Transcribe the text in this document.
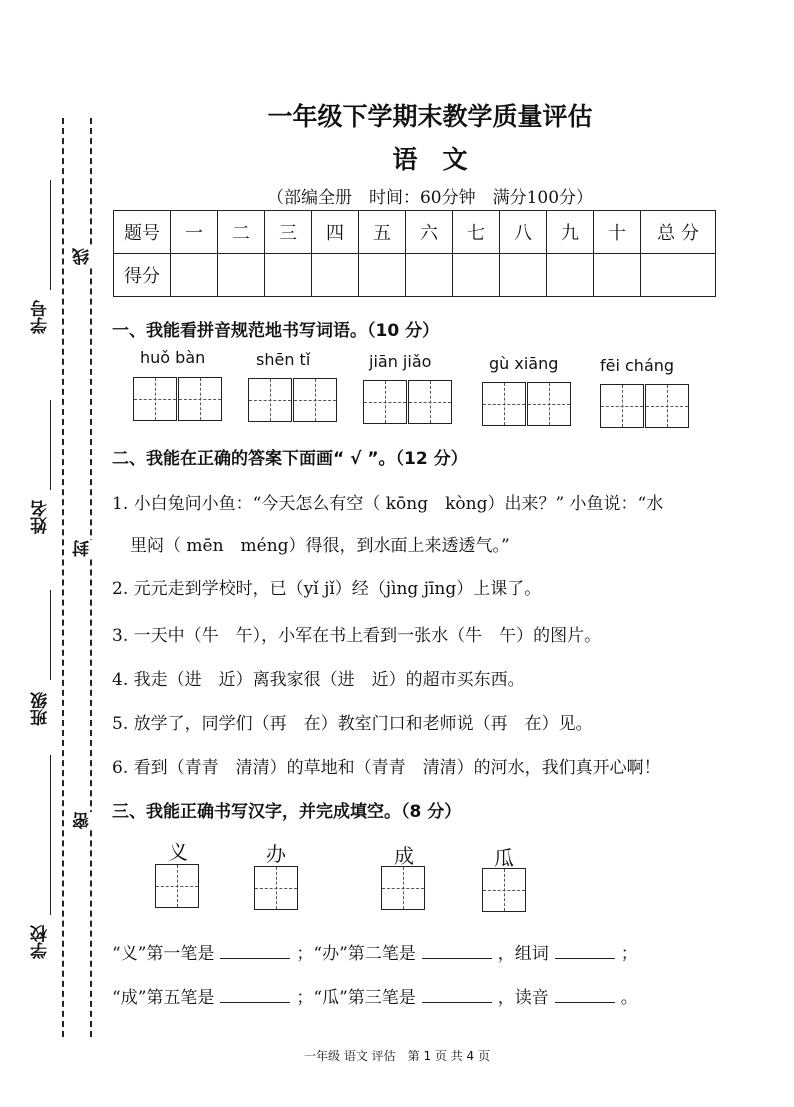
学号
姓名
班级
学校
线
封
密
一年级下学期末教学质量评估
语　文
（部编全册　时间：60分钟　满分100分）
题号	一	二	三	四	五	六	七	八	九	十	总 分
得分											
一、我能看拼音规范地书写词语。（10 分）
huǒ bàn	shēn tǐ	jiān jiǎo	gù xiāng	fēi cháng
二、我能在正确的答案下面画“ √ ”。（12 分）
1. 小白兔问小鱼：“今天怎么有空（ kōng　kòng）出来？” 小鱼说：“水
里闷（ mēn　méng）得很，到水面上来透透气。”
2. 元元走到学校时，已（yǐ jǐ）经（jìng jīng）上课了。
3. 一天中（牛　午），小军在书上看到一张水（牛　午）的图片。
4. 我走（进　近）离我家很（进　近）的超市买东西。
5. 放学了，同学们（再　在）教室门口和老师说（再　在）见。
6. 看到（青青　清清）的草地和（青青　清清）的河水，我们真开心啊！
三、我能正确书写汉字，并完成填空。（8 分）
义	办	成	瓜
“义”第一笔是	；“办”第二笔是	，组词	；
“成”第五笔是	；“瓜”第三笔是	，读音	。
一年级 语文 评估　第 1 页 共 4 页
